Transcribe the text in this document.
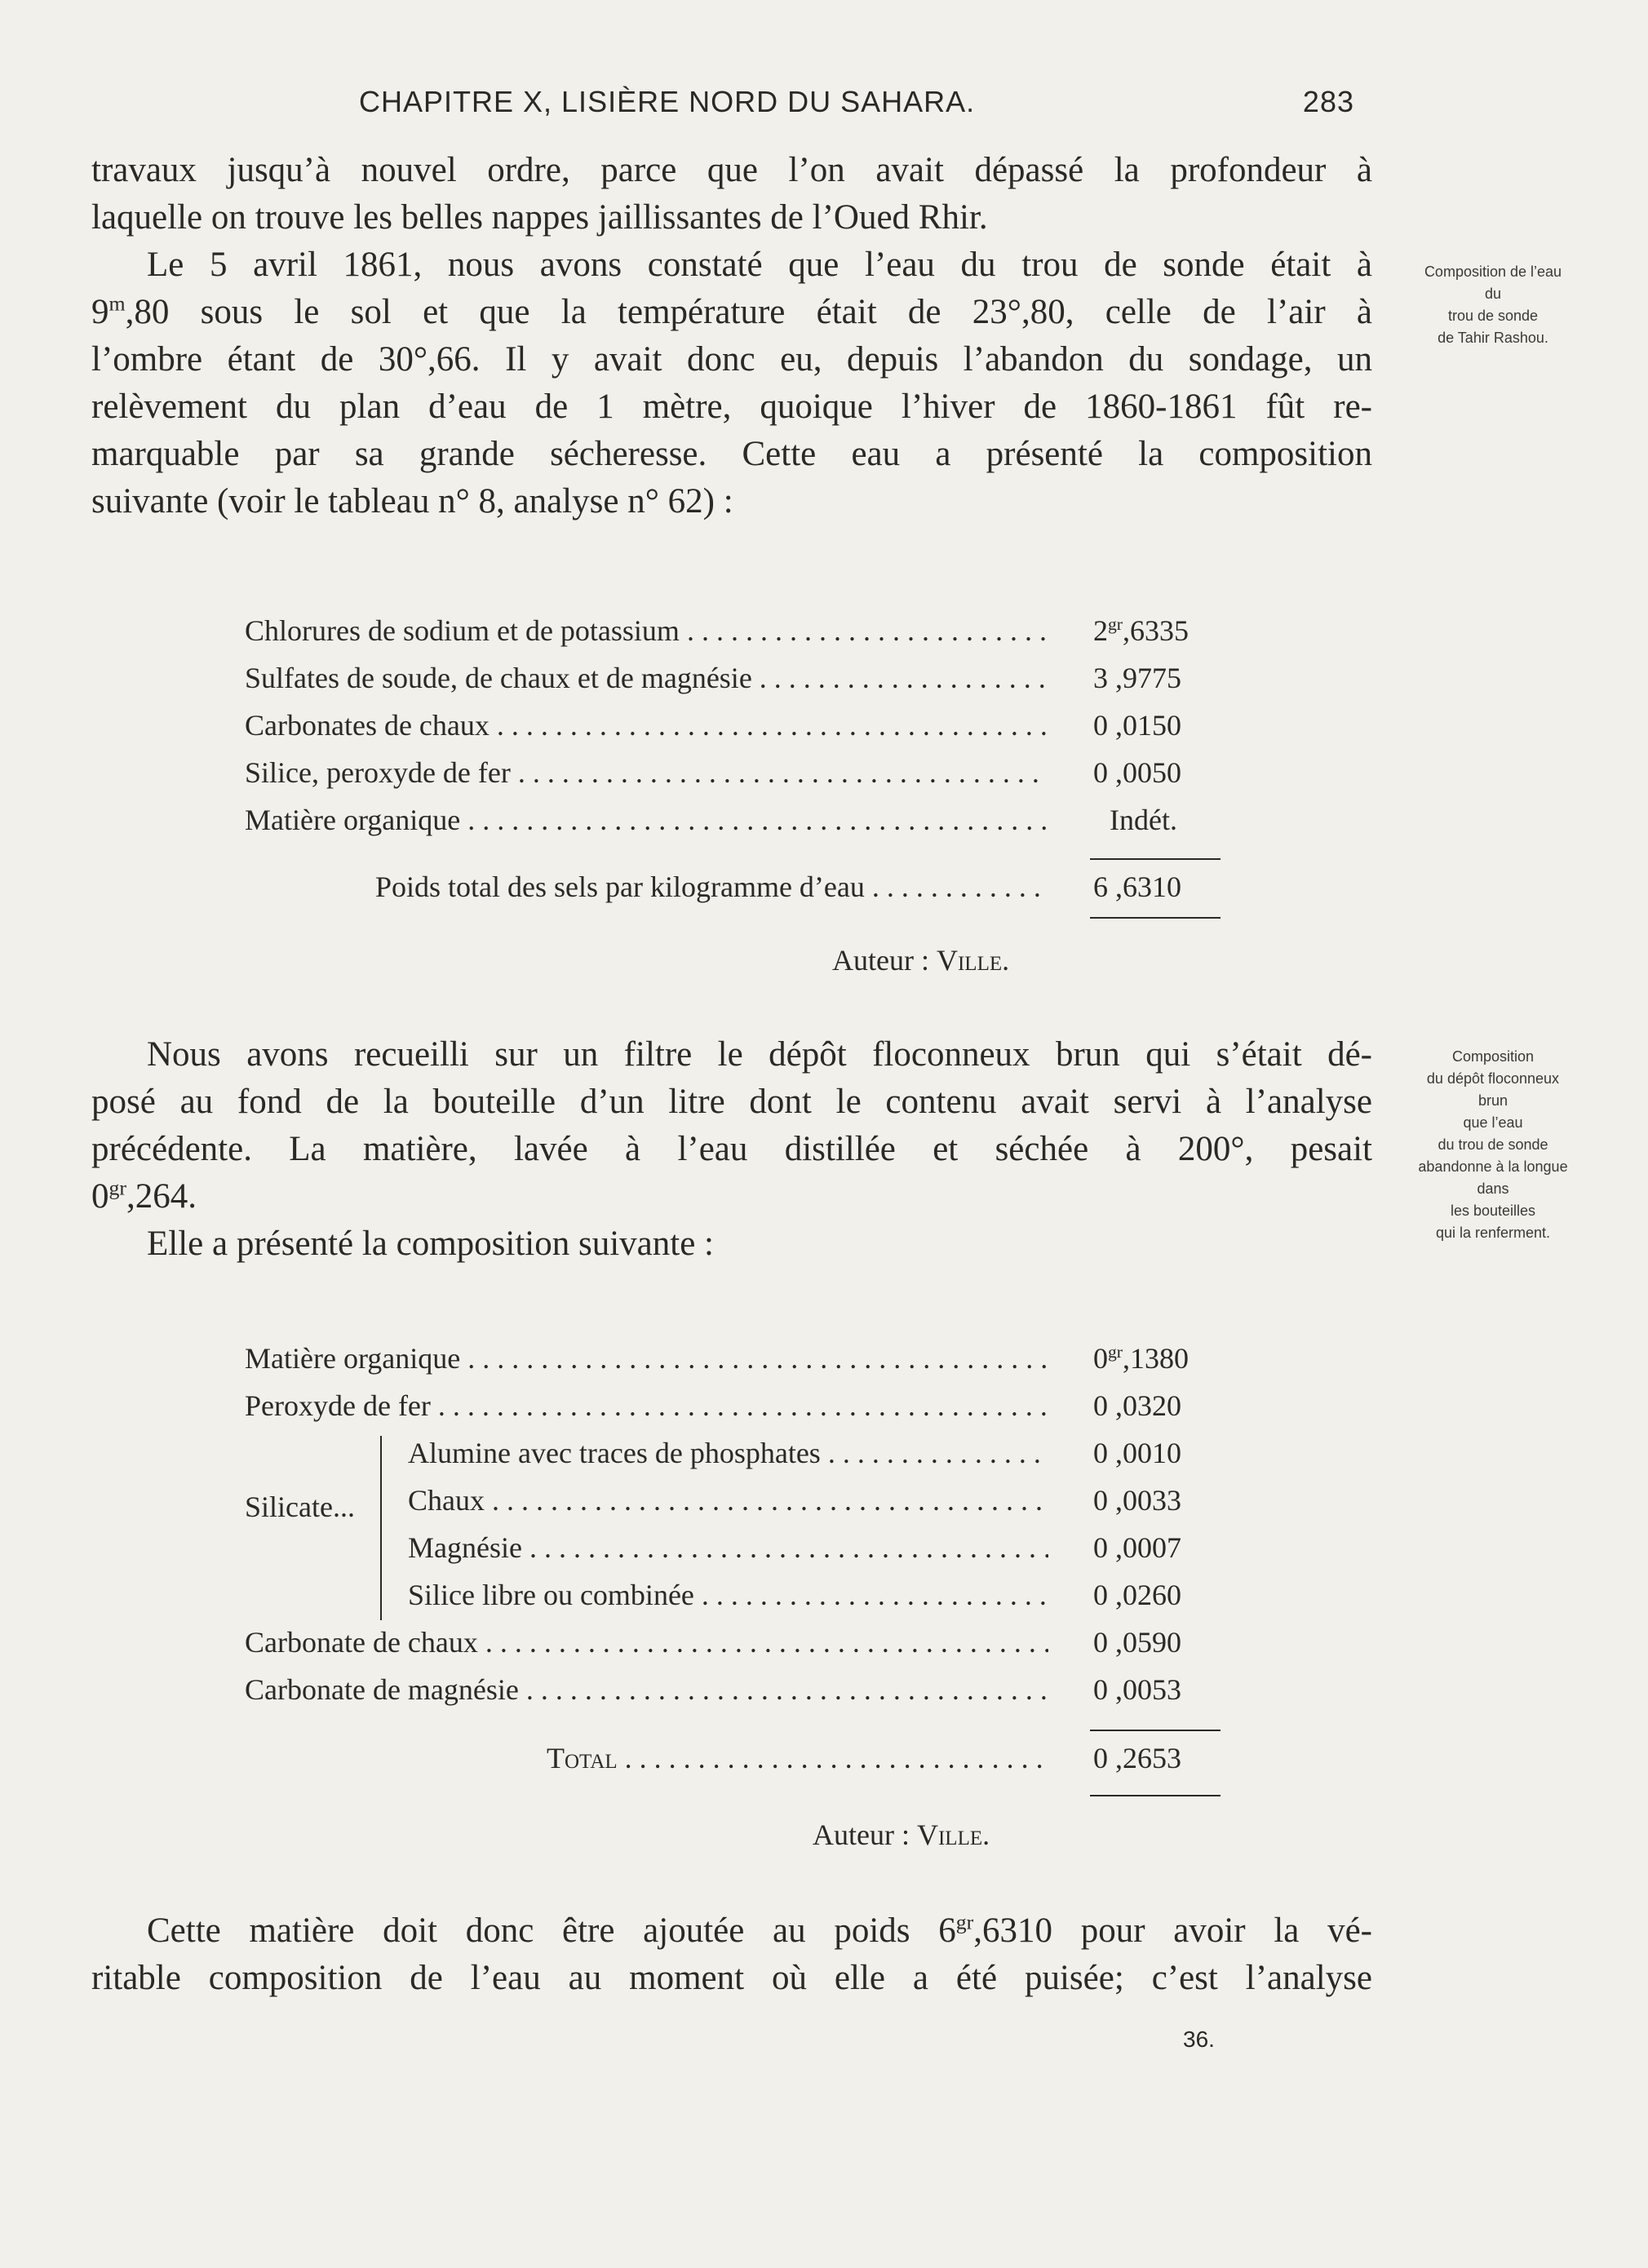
CHAPITRE X, LISIÈRE NORD DU SAHARA.	283
travaux jusqu’à nouvel ordre, parce que l’on avait dépassé la profondeur à
laquelle on trouve les belles nappes jaillissantes de l’Oued Rhir.
Le 5 avril 1861, nous avons constaté que l’eau du trou de sonde était à
9$^m$,80 sous le sol et que la température était de 23°,80, celle de l’air à
l’ombre étant de 30°,66. Il y avait donc eu, depuis l’abandon du sondage, un
relèvement du plan d’eau de 1 mètre, quoique l’hiver de 1860-1861 fût re-
marquable par sa grande sécheresse. Cette eau a présenté la composition
suivante (voir le tableau n° 8, analyse n° 62) :
Composition de l’eau
du
trou de sonde
de Tahir Rashou.
Chlorures de sodium et de potassium . . .	$2^{gr},6335$
Sulfates de soude, de chaux et de magnésie . . .	3 ,9775
Carbonates de chaux . . .	0 ,0150
Silice, peroxyde de fer . . .	0 ,0050
Matière organique . . .	Indét.
Poids total des sels par kilogramme d’eau . . .	6 ,6310
Auteur : Ville.
Nous avons recueilli sur un filtre le dépôt floconneux brun qui s’était dé-
posé au fond de la bouteille d’un litre dont le contenu avait servi à l’analyse
précédente. La matière, lavée à l’eau distillée et séchée à 200°, pesait
$0^{gr},264$.
Elle a présenté la composition suivante :
Composition
du dépôt floconneux
brun
que l’eau
du trou de sonde
abandonne à la longue
dans
les bouteilles
qui la renferment.
Matière organique . . .	$0^{gr},1380$
Peroxyde de fer . . .	0 ,0320
Silicate...
Alumine avec traces de phosphates . . .	0 ,0010
Chaux . . .	0 ,0033
Magnésie . . .	0 ,0007
Silice libre ou combinée . . .	0 ,0260
Carbonate de chaux . . .	0 ,0590
Carbonate de magnésie . . .	0 ,0053
Total . . .	0 ,2653
Auteur : Ville.
Cette matière doit donc être ajoutée au poids $6^{gr},6310$ pour avoir la vé-
ritable composition de l’eau au moment où elle a été puisée; c’est l’analyse
36.
